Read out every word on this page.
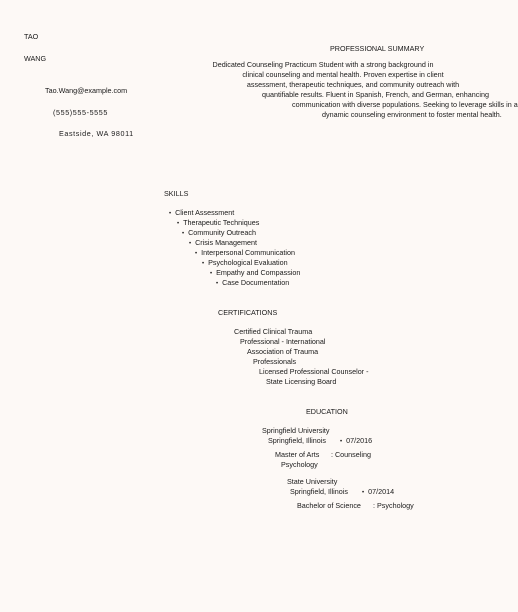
TAO
WANG
Tao.Wang@example.com
(555)555-5555
Eastside, WA 98011
PROFESSIONAL SUMMARY
Dedicated Counseling Practicum Student with a strong background in
clinical counseling and mental health. Proven expertise in client
assessment, therapeutic techniques, and community outreach with
quantifiable results. Fluent in Spanish, French, and German, enhancing
communication with diverse populations. Seeking to leverage skills in a
dynamic counseling environment to foster mental health.
SKILLS
• Client Assessment
• Therapeutic Techniques
• Community Outreach
• Crisis Management
• Interpersonal Communication
• Psychological Evaluation
• Empathy and Compassion
• Case Documentation
CERTIFICATIONS
Certified Clinical Trauma
Professional - International
Association of Trauma
Professionals
Licensed Professional Counselor -
State Licensing Board
EDUCATION
Springfield University
Springfield, Illinois	• 07/2016
Master of Arts : Counseling
Psychology
State University
Springfield, Illinois	• 07/2014
Bachelor of Science : Psychology
